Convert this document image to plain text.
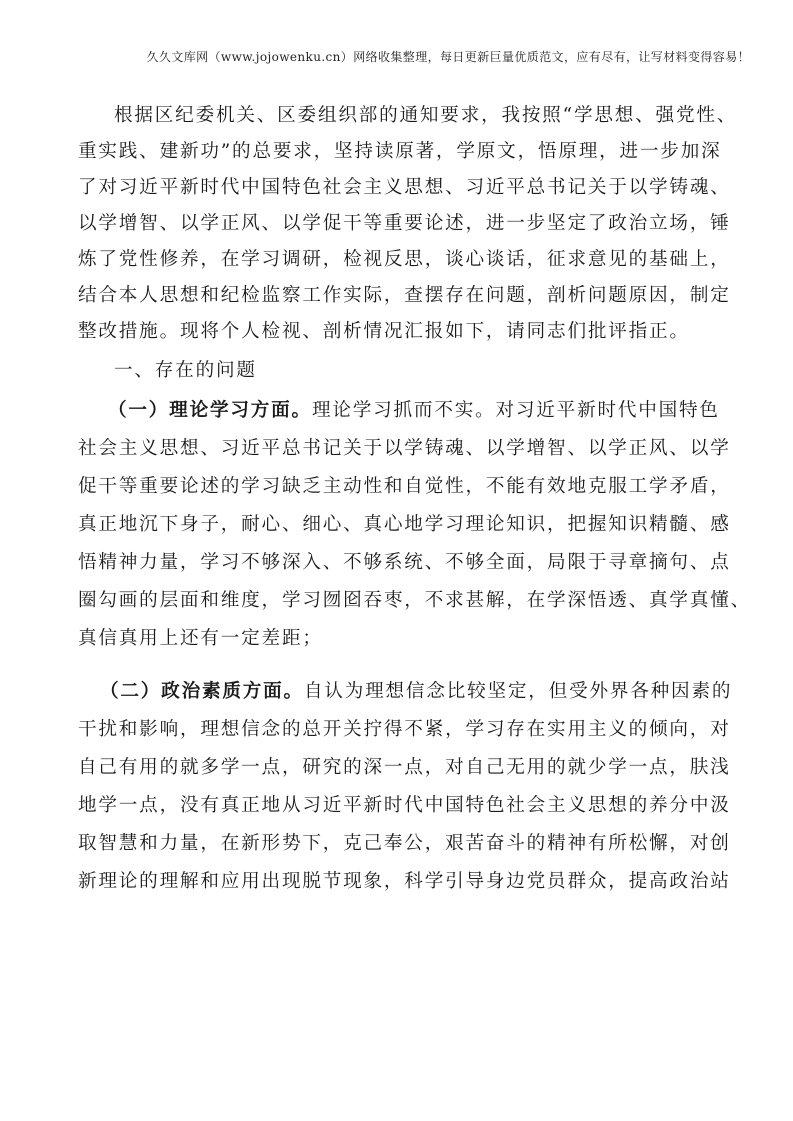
久久文库网（www.jojowenku.cn）网络收集整理，每日更新巨量优质范文，应有尽有，让写材料变得容易！
根据区纪委机关、区委组织部的通知要求，我按照“学思想、强党性、
重实践、建新功”的总要求，坚持读原著，学原文，悟原理，进一步加深
了对习近平新时代中国特色社会主义思想、习近平总书记关于以学铸魂、
以学增智、以学正风、以学促干等重要论述，进一步坚定了政治立场，锤
炼了党性修养，在学习调研，检视反思，谈心谈话，征求意见的基础上，
结合本人思想和纪检监察工作实际，查摆存在问题，剖析问题原因，制定
整改措施。现将个人检视、剖析情况汇报如下，请同志们批评指正。
一、存在的问题
（一）理论学习方面。理论学习抓而不实。对习近平新时代中国特色
社会主义思想、习近平总书记关于以学铸魂、以学增智、以学正风、以学
促干等重要论述的学习缺乏主动性和自觉性，不能有效地克服工学矛盾，
真正地沉下身子，耐心、细心、真心地学习理论知识，把握知识精髓、感
悟精神力量，学习不够深入、不够系统、不够全面，局限于寻章摘句、点
圈勾画的层面和维度，学习囫囵吞枣，不求甚解，在学深悟透、真学真懂、
真信真用上还有一定差距；
（二）政治素质方面。自认为理想信念比较坚定，但受外界各种因素的
干扰和影响，理想信念的总开关拧得不紧，学习存在实用主义的倾向，对
自己有用的就多学一点，研究的深一点，对自己无用的就少学一点，肤浅
地学一点，没有真正地从习近平新时代中国特色社会主义思想的养分中汲
取智慧和力量，在新形势下，克己奉公，艰苦奋斗的精神有所松懈，对创
新理论的理解和应用出现脱节现象，科学引导身边党员群众，提高政治站
